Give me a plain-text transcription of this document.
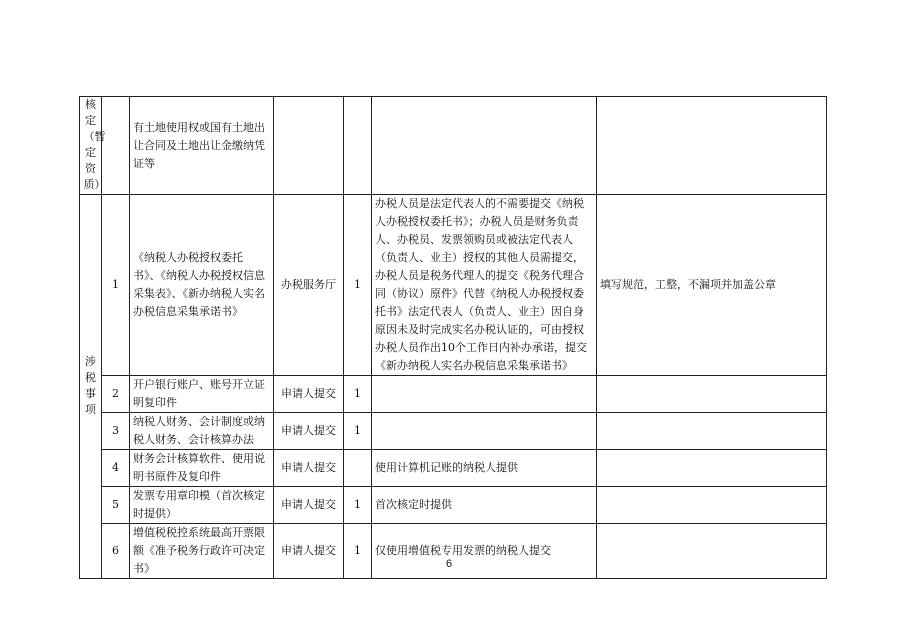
核定（暂定资质）		有土地使用权或国有土地出让合同及土地出让金缴纳凭证等				
涉税事项	1	《纳税人办税授权委托书》、《纳税人办税授权信息采集表》、《新办纳税人实名办税信息采集承诺书》	办税服务厅	1	办税人员是法定代表人的不需要提交《纳税人办税授权委托书》；办税人员是财务负责人、办税员、发票领购员或被法定代表人（负责人、业主）授权的其他人员需提交，办税人员是税务代理人的提交《税务代理合同（协议）原件》代替《纳税人办税授权委托书》法定代表人（负责人、业主）因自身原因未及时完成实名办税认证的，可由授权办税人员作出10个工作日内补办承诺，提交《新办纳税人实名办税信息采集承诺书》	填写规范，工整，不漏项并加盖公章
	2	开户银行账户、账号开立证明复印件	申请人提交	1		
	3	纳税人财务、会计制度或纳税人财务、会计核算办法	申请人提交	1		
	4	财务会计核算软件、使用说明书原件及复印件	申请人提交		使用计算机记账的纳税人提供	
	5	发票专用章印模（首次核定时提供）	申请人提交	1	首次核定时提供	
	6	增值税税控系统最高开票限额《准予税务行政许可决定书》	申请人提交	1	仅使用增值税专用发票的纳税人提交	
6
